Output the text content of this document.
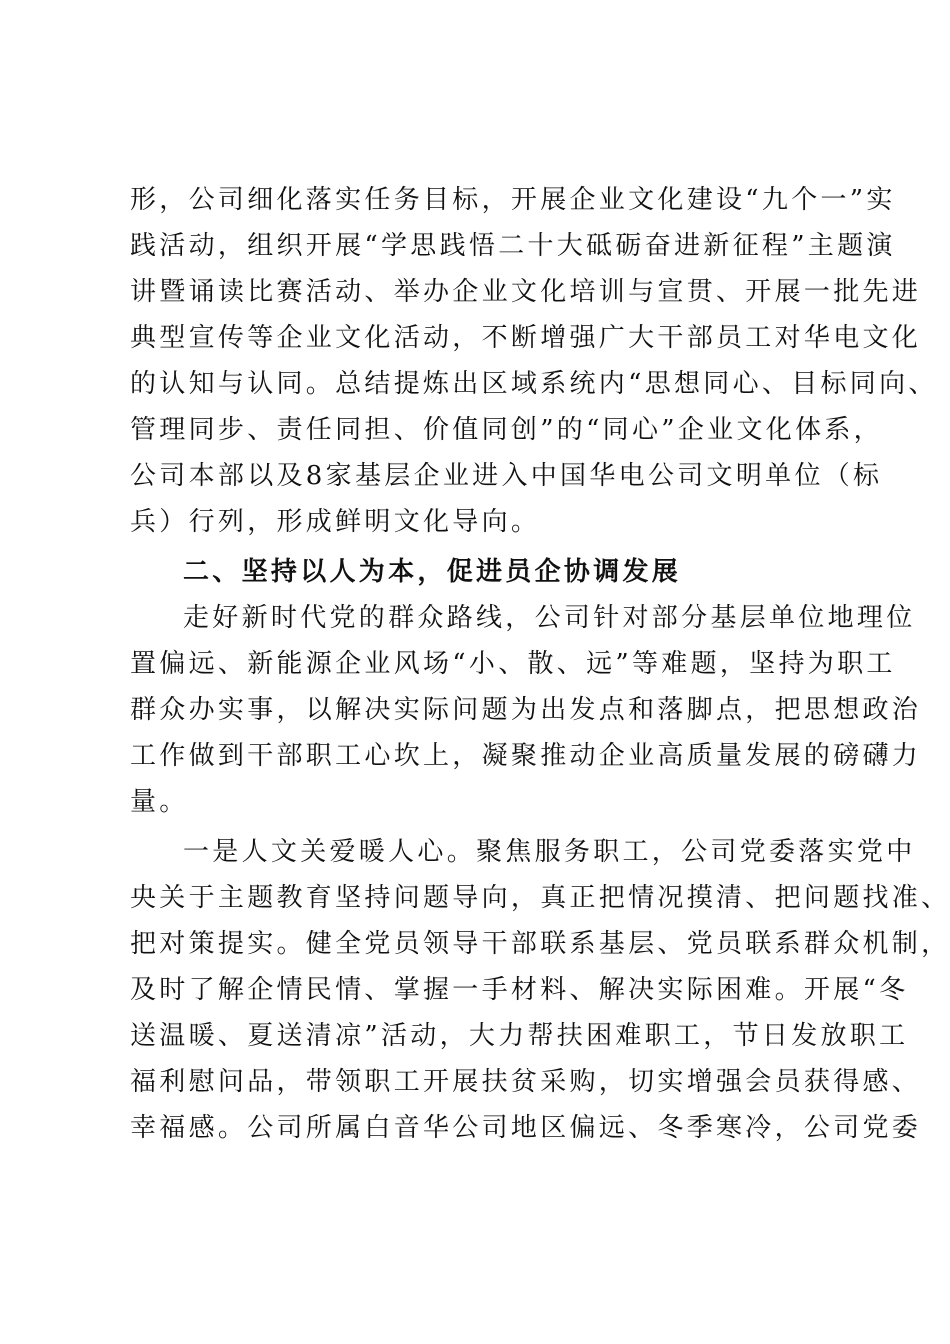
形，公司细化落实任务目标，开展企业文化建设“九个一”实
践活动，组织开展“学思践悟二十大砥砺奋进新征程”主题演
讲暨诵读比赛活动、举办企业文化培训与宣贯、开展一批先进
典型宣传等企业文化活动，不断增强广大干部员工对华电文化
的认知与认同。总结提炼出区域系统内“思想同心、目标同向、
管理同步、责任同担、价值同创”的“同心”企业文化体系，
公司本部以及8家基层企业进入中国华电公司文明单位（标
兵）行列，形成鲜明文化导向。
二、坚持以人为本，促进员企协调发展
走好新时代党的群众路线，公司针对部分基层单位地理位
置偏远、新能源企业风场“小、散、远”等难题，坚持为职工
群众办实事，以解决实际问题为出发点和落脚点，把思想政治
工作做到干部职工心坎上，凝聚推动企业高质量发展的磅礴力
量。
一是人文关爱暖人心。聚焦服务职工，公司党委落实党中
央关于主题教育坚持问题导向，真正把情况摸清、把问题找准、
把对策提实。健全党员领导干部联系基层、党员联系群众机制，
及时了解企情民情、掌握一手材料、解决实际困难。开展“冬
送温暖、夏送清凉”活动，大力帮扶困难职工，节日发放职工
福利慰问品，带领职工开展扶贫采购，切实增强会员获得感、
幸福感。公司所属白音华公司地区偏远、冬季寒冷，公司党委
